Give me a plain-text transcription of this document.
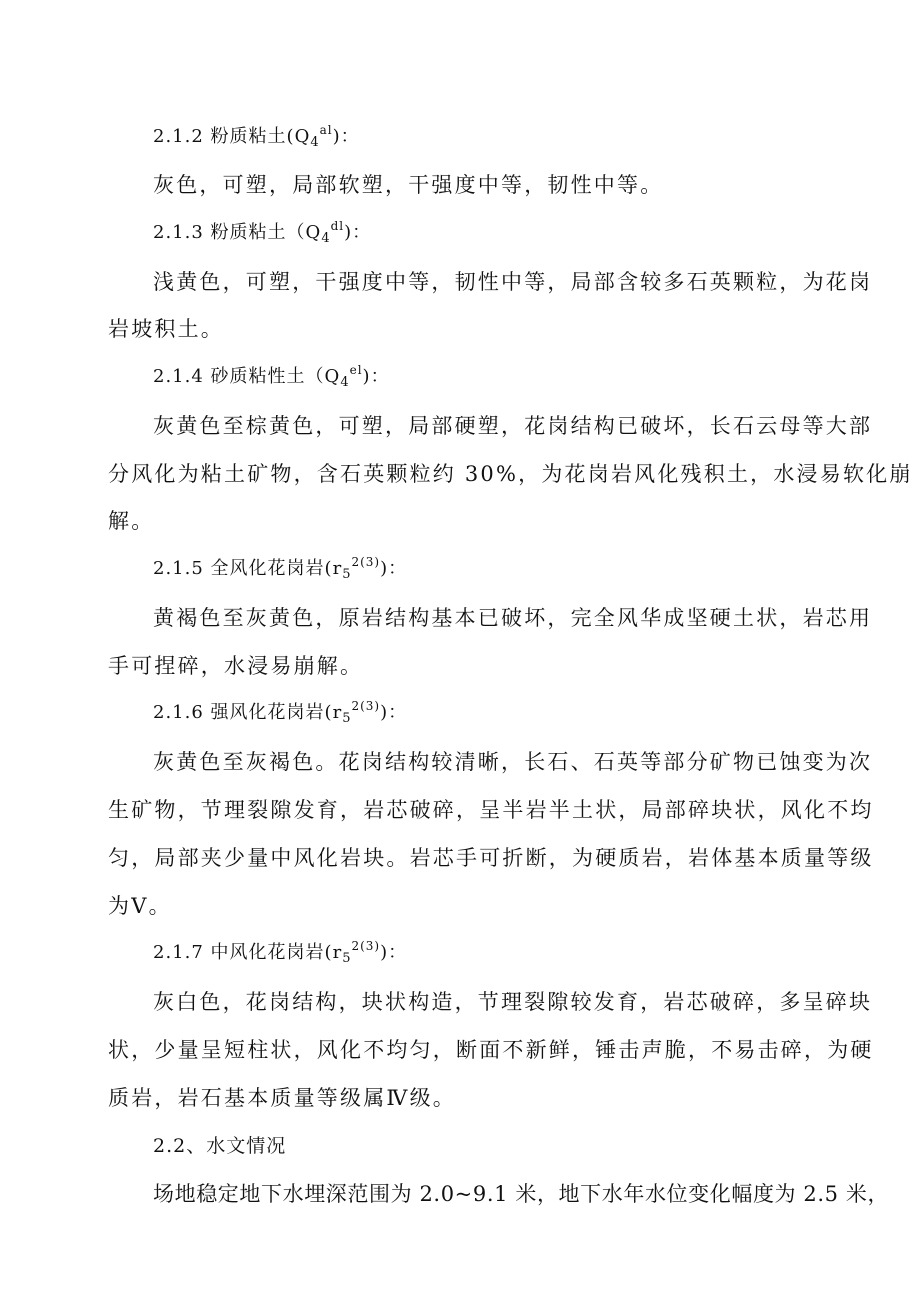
2.1.2 粉质粘土$(Q_4^{al})$：
灰色，可塑，局部软塑，干强度中等，韧性中等。
2.1.3 粉质粘土$(Q_4^{dl})$：
浅黄色，可塑，干强度中等，韧性中等，局部含较多石英颗粒，为花岗
岩坡积土。
2.1.4 砂质粘性土$(Q_4^{el})$：
灰黄色至棕黄色，可塑，局部硬塑，花岗结构已破坏，长石云母等大部
分风化为粘土矿物，含石英颗粒约 30%，为花岗岩风化残积土，水浸易软化崩
解。
2.1.5 全风化花岗岩$(r_5^{2(3)})$：
黄褐色至灰黄色，原岩结构基本已破坏，完全风华成坚硬土状，岩芯用
手可捏碎，水浸易崩解。
2.1.6 强风化花岗岩$(r_5^{2(3)})$：
灰黄色至灰褐色。花岗结构较清晰，长石、石英等部分矿物已蚀变为次
生矿物，节理裂隙发育，岩芯破碎，呈半岩半土状，局部碎块状，风化不均
匀，局部夹少量中风化岩块。岩芯手可折断，为硬质岩，岩体基本质量等级
为Ⅴ。
2.1.7 中风化花岗岩$(r_5^{2(3)})$：
灰白色，花岗结构，块状构造，节理裂隙较发育，岩芯破碎，多呈碎块
状，少量呈短柱状，风化不均匀，断面不新鲜，锤击声脆，不易击碎，为硬
质岩，岩石基本质量等级属Ⅳ级。
2.2、水文情况
场地稳定地下水埋深范围为 2.0~9.1 米，地下水年水位变化幅度为 2.5 米，
